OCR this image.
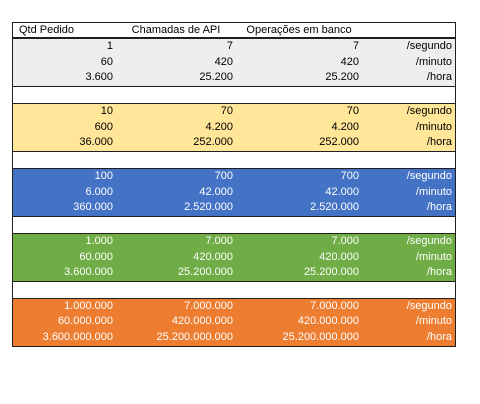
Qtd Pedido	Chamadas de API	Operações em banco
1	7	7	/segundo
60	420	420	/minuto
3.600	25.200	25.200	/hora
10	70	70	/segundo
600	4.200	4.200	/minuto
36.000	252.000	252.000	/hora
100	700	700	/segundo
6.000	42.000	42.000	/minuto
360.000	2.520.000	2.520.000	/hora
1.000	7.000	7.000	/segundo
60.000	420.000	420.000	/minuto
3.600.000	25.200.000	25.200.000	/hora
1.000.000	7.000.000	7.000.000	/segundo
60.000.000	420.000.000	420.000.000	/minuto
3.600.000.000	25.200.000.000	25.200.000.000	/hora
